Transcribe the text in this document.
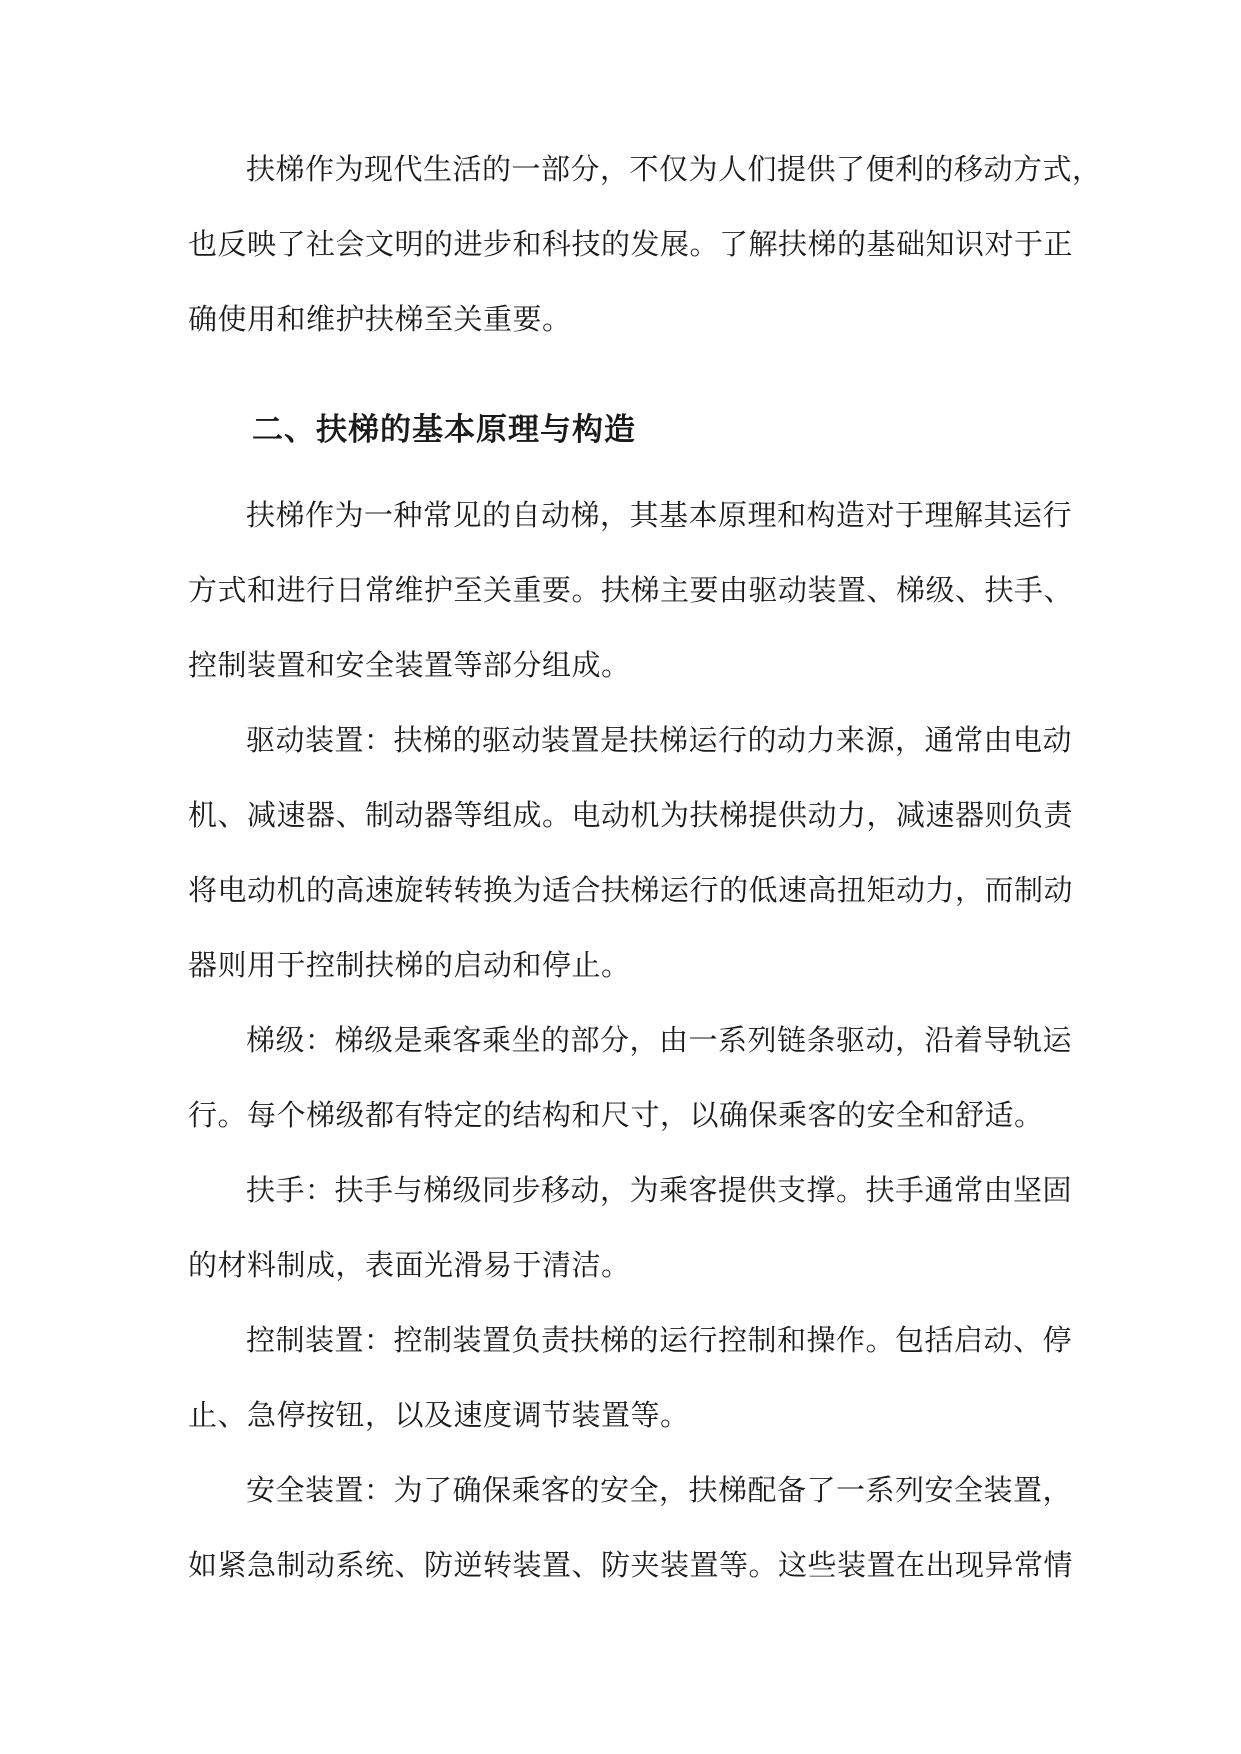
扶梯作为现代生活的一部分，不仅为人们提供了便利的移动方式，
也反映了社会文明的进步和科技的发展。了解扶梯的基础知识对于正
确使用和维护扶梯至关重要。
二、扶梯的基本原理与构造
扶梯作为一种常见的自动梯，其基本原理和构造对于理解其运行
方式和进行日常维护至关重要。扶梯主要由驱动装置、梯级、扶手、
控制装置和安全装置等部分组成。
驱动装置：扶梯的驱动装置是扶梯运行的动力来源，通常由电动
机、减速器、制动器等组成。电动机为扶梯提供动力，减速器则负责
将电动机的高速旋转转换为适合扶梯运行的低速高扭矩动力，而制动
器则用于控制扶梯的启动和停止。
梯级：梯级是乘客乘坐的部分，由一系列链条驱动，沿着导轨运
行。每个梯级都有特定的结构和尺寸，以确保乘客的安全和舒适。
扶手：扶手与梯级同步移动，为乘客提供支撑。扶手通常由坚固
的材料制成，表面光滑易于清洁。
控制装置：控制装置负责扶梯的运行控制和操作。包括启动、停
止、急停按钮，以及速度调节装置等。
安全装置：为了确保乘客的安全，扶梯配备了一系列安全装置，
如紧急制动系统、防逆转装置、防夹装置等。这些装置在出现异常情
